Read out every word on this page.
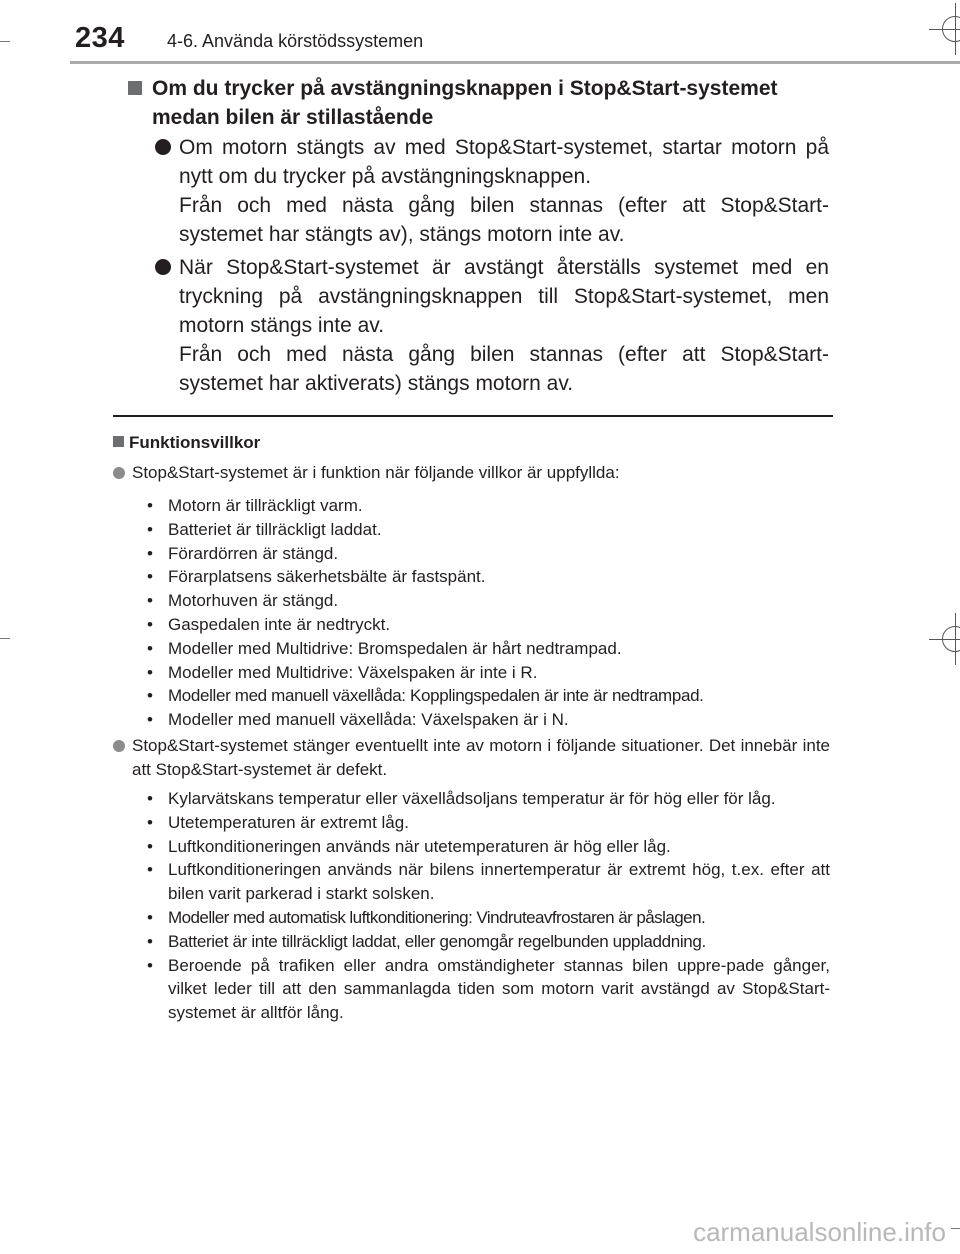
234 4-6. Använda körstödssystemen
Om du trycker på avstängningsknappen i Stop&Start-systemet medan bilen är stillastående

Om motorn stängts av med Stop&Start-systemet, startar motorn på nytt om du trycker på avstängningsknappen.

Från och med nästa gång bilen stannas (efter att Stop&Start-systemet har stängts av), stängs motorn inte av.

När Stop&Start-systemet är avstängt återställs systemet med en tryckning på avstängningsknappen till Stop&Start-systemet, men motorn stängs inte av.

Från och med nästa gång bilen stannas (efter att Stop&Start-systemet har aktiverats) stängs motorn av.

Funktionsvillkor
Stop&Start-systemet är i funktion när följande villkor är uppfyllda:
• Motorn är tillräckligt varm.
• Batteriet är tillräckligt laddat.
• Förardörren är stängd.
• Förarplatsens säkerhetsbälte är fastspänt.
• Motorhuven är stängd.
• Gaspedalen inte är nedtryckt.
• Modeller med Multidrive: Bromspedalen är hårt nedtrampad.
• Modeller med Multidrive: Växelspaken är inte i R.
• Modeller med manuell växellåda: Kopplingspedalen är inte är nedtrampad.
• Modeller med manuell växellåda: Växelspaken är i N.
Stop&Start-systemet stänger eventuellt inte av motorn i följande situationer. Det innebär inte att Stop&Start-systemet är defekt.
• Kylarvätskans temperatur eller växellådsoljans temperatur är för hög eller för låg.
• Utetemperaturen är extremt låg.
• Luftkonditioneringen används när utetemperaturen är hög eller låg.
• Luftkonditioneringen används när bilens innertemperatur är extremt hög, t.ex. efter att bilen varit parkerad i starkt solsken.
• Modeller med automatisk luftkonditionering: Vindruteavfrostaren är påslagen.
• Batteriet är inte tillräckligt laddat, eller genomgår regelbunden uppladdning.
• Beroende på trafiken eller andra omständigheter stannas bilen uppre-pade gånger, vilket leder till att den sammanlagda tiden som motorn varit avstängd av Stop&Start-systemet är alltför lång.
carmanualsonline.info
